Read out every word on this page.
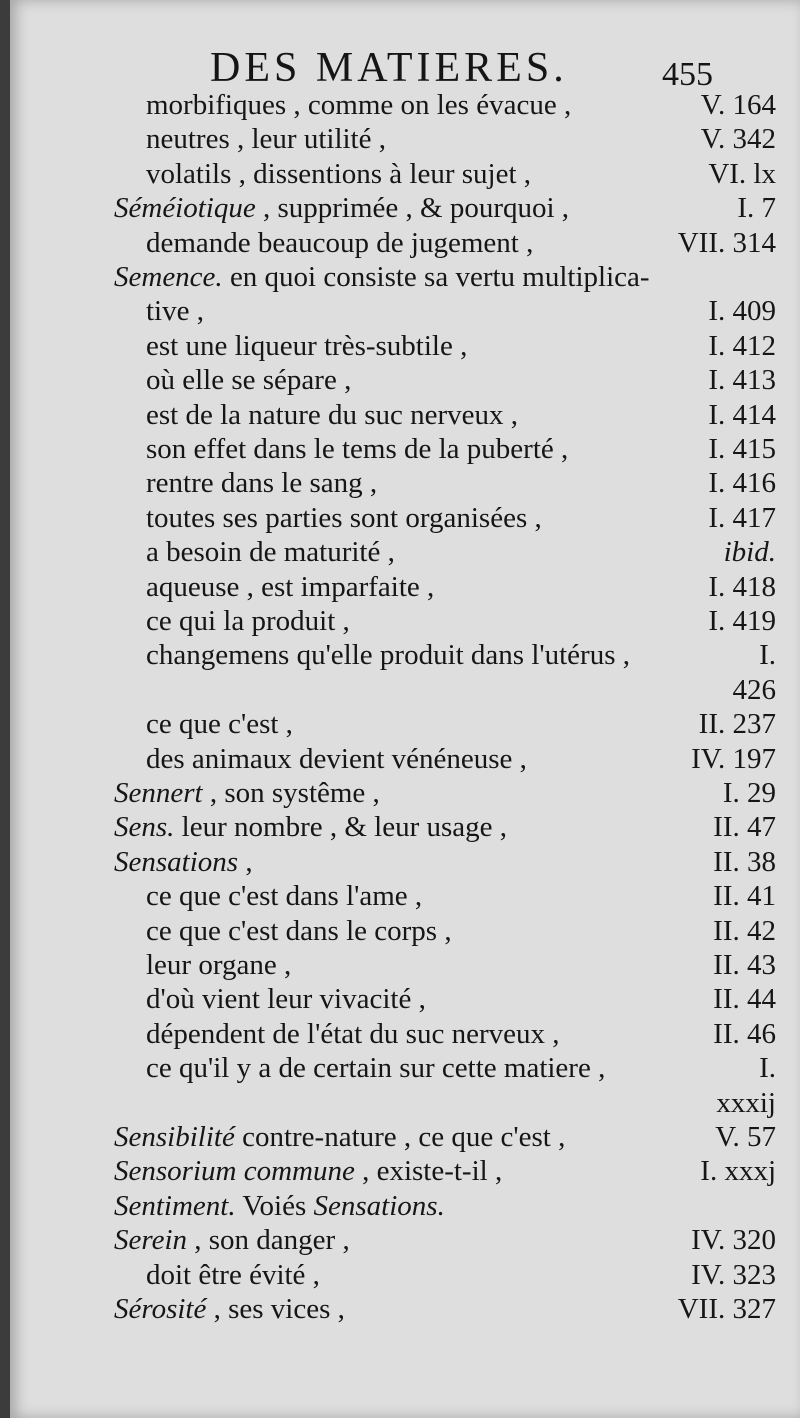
DES MATIERES.	455
morbifiques , comme on les évacue ,	V. 164
neutres , leur utilité ,	V. 342
volatils , dissentions à leur sujet ,	VI. lx
Séméiotique , supprimée , & pourquoi ,	I. 7
demande beaucoup de jugement ,	VII. 314
Semence. en quoi consiste sa vertu multiplica-
tive ,	I. 409
est une liqueur très-subtile ,	I. 412
où elle se sépare ,	I. 413
est de la nature du suc nerveux ,	I. 414
son effet dans le tems de la puberté ,	I. 415
rentre dans le sang ,	I. 416
toutes ses parties sont organisées ,	I. 417
a besoin de maturité ,	ibid.
aqueuse , est imparfaite ,	I. 418
ce qui la produit ,	I. 419
changemens qu'elle produit dans l'utérus ,	I.
426
ce que c'est ,	II. 237
des animaux devient vénéneuse ,	IV. 197
Sennert , son systême ,	I. 29
Sens. leur nombre , & leur usage ,	II. 47
Sensations ,	II. 38
ce que c'est dans l'ame ,	II. 41
ce que c'est dans le corps ,	II. 42
leur organe ,	II. 43
d'où vient leur vivacité ,	II. 44
dépendent de l'état du suc nerveux ,	II. 46
ce qu'il y a de certain sur cette matiere ,	I.
xxxij
Sensibilité contre-nature , ce que c'est ,	V. 57
Sensorium commune , existe-t-il ,	I. xxxj
Sentiment. Voiés Sensations.
Serein , son danger ,	IV. 320
doit être évité ,	IV. 323
Sérosité , ses vices ,	VII. 327
